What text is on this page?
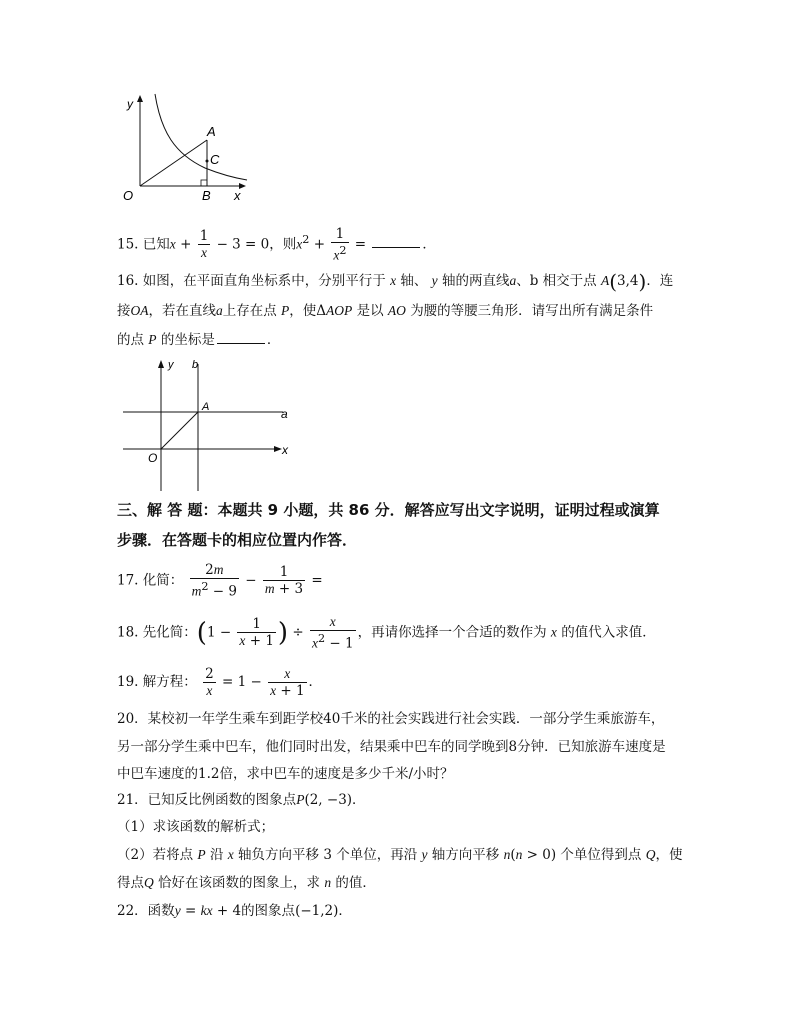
y
x
O
A
B
C
15. 已知$x + \frac{1}{x} - 3 = 0$，则$x^2 + \frac{1}{x^2}$ =	．
16. 如图，在平面直角坐标系中，分别平行于 x 轴、 y 轴的两直线a、b 相交于点 A(3,4)．连
接OA，若在直线a上存在点 P，使ΔAOP 是以 AO 为腰的等腰三角形．请写出所有满足条件
的点 P 的坐标是	．
y b
A	a
O
x
三、解 答 题：本题共 9 小题，共 86 分．解答应写出文字说明，证明过程或演算
步骤．在答题卡的相应位置内作答．
17. 化简： $\frac{2m}{m^2 - 9} - \frac{1}{m + 3}$ =
18. 先化简：($1 - \frac{1}{x + 1}$ ) ÷ $\frac{x}{x^2 - 1}$ ，再请你选择一个合适的数作为 x 的值代入求值．
19. 解方程： $\frac{2}{x} = 1 - \frac{x}{x + 1}$ ．
20．某校初一年学生乘车到距学校40千米的社会实践进行社会实践．一部分学生乘旅游车，
另一部分学生乘中巴车，他们同时出发，结果乘中巴车的同学晚到8分钟．已知旅游车速度是
中巴车速度的1.2倍，求中巴车的速度是多少千米/小时？
21．已知反比例函数的图象点P(2, −3)．
（1）求该函数的解析式；
（2）若将点 P 沿 x 轴负方向平移 3 个单位，再沿 y 轴方向平移 n(n > 0) 个单位得到点 Q，使
得点Q 恰好在该函数的图象上，求 n 的值．
22．函数y = kx + 4的图象点(−1,2)．
